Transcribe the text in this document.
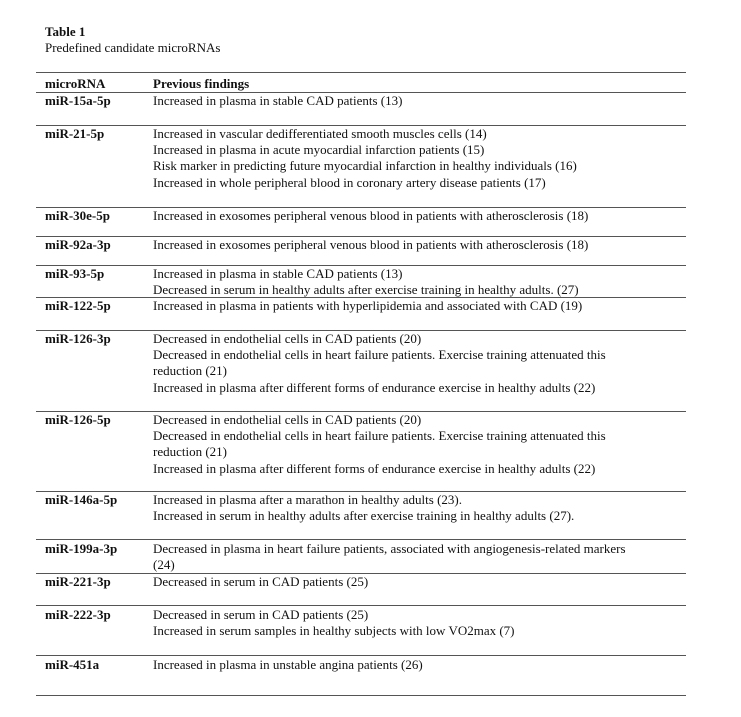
Table 1
Predefined candidate microRNAs
microRNA	Previous findings
miR-15a-5p	Increased in plasma in stable CAD patients (13)
miR-21-5p	Increased in vascular dedifferentiated smooth muscles cells (14)
Increased in plasma in acute myocardial infarction patients (15)
Risk marker in predicting future myocardial infarction in healthy individuals (16)
Increased in whole peripheral blood in coronary artery disease patients (17)
miR-30e-5p	Increased in exosomes peripheral venous blood in patients with atherosclerosis (18)
miR-92a-3p	Increased in exosomes peripheral venous blood in patients with atherosclerosis (18)
miR-93-5p	Increased in plasma in stable CAD patients (13)
Decreased in serum in healthy adults after exercise training in healthy adults. (27)
miR-122-5p	Increased in plasma in patients with hyperlipidemia and associated with CAD (19)
miR-126-3p	Decreased in endothelial cells in CAD patients (20)
Decreased in endothelial cells in heart failure patients. Exercise training attenuated this
reduction (21)
Increased in plasma after different forms of endurance exercise in healthy adults (22)
miR-126-5p	Decreased in endothelial cells in CAD patients (20)
Decreased in endothelial cells in heart failure patients. Exercise training attenuated this
reduction (21)
Increased in plasma after different forms of endurance exercise in healthy adults (22)
miR-146a-5p	Increased in plasma after a marathon in healthy adults (23).
Increased in serum in healthy adults after exercise training in healthy adults (27).
miR-199a-3p	Decreased in plasma in heart failure patients, associated with angiogenesis-related markers
(24)
miR-221-3p	Decreased in serum in CAD patients (25)
miR-222-3p	Decreased in serum in CAD patients (25)
Increased in serum samples in healthy subjects with low VO2max (7)
miR-451a	Increased in plasma in unstable angina patients (26)
